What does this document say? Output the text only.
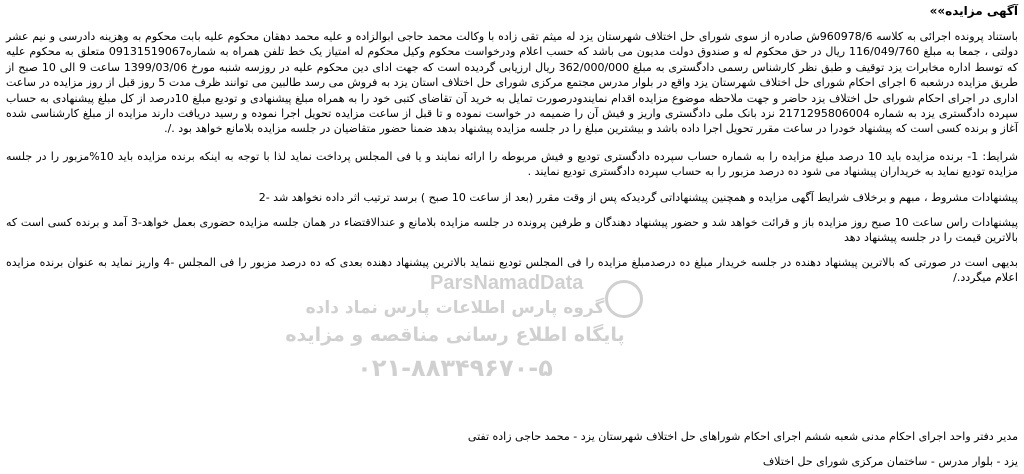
آگهی مزایده»»

باستناد پرونده اجرائی به کلاسه 960978/6ش صادره از سوی شورای حل اختلاف شهرستان یزد له میثم تقی زاده با وکالت محمد حاجی ابوالزاده و علیه محمد دهقان محکوم علیه بابت محکوم به وهزینه دادرسی و نیم عشر دولتی ، جمعا به مبلغ 116/049/760 ریال در حق محکوم له و صندوق دولت مدیون می باشد که حسب اعلام ودرخواست محکوم وکیل محکوم له امتیاز یک خط تلفن همراه به شماره09131519067 متعلق به محکوم علیه که توسط اداره مخابرات یزد توقیف و طبق نظر کارشناس رسمی دادگستری به مبلغ 362/000/000 ریال ارزیابی گردیده است که جهت ادای دین محکوم علیه در روزسه شنبه مورخ 1399/03/06 ساعت 9 الی 10 صبح از طریق مزایده درشعبه 6 اجرای احکام شورای حل اختلاف شهرستان یزد واقع در بلوار مدرس مجتمع مرکزی شورای حل اختلاف استان یزد به فروش می رسد طالبین می توانند ظرف مدت 5 روز قبل از روز مزایده در ساعت اداری در اجرای احکام شورای حل اختلاف یزد حاضر و جهت ملاحظه موضوع مزایده اقدام نمایندودرصورت تمایل به خرید آن تقاضای کتبی خود را به همراه مبلغ پیشنهادی و تودیع مبلغ 10درصد از کل مبلغ پیشنهادی به حساب سپرده دادگستری یزد به شماره 2171295806004 نزد بانک ملی دادگستری واریز و فیش آن را ضمیمه در خواست نموده و تا قبل از ساعت مزایده تحویل اجرا نموده و رسید دریافت دارند مزایده از مبلغ کارشناسی شده آغاز و برنده کسی است که پیشنهاد خودرا در ساعت مقرر تحویل اجرا داده باشد و بیشترین مبلغ را در جلسه مزایده پیشنهاد بدهد ضمنا حضور متقاضیان در جلسه مزایده بلامانع خواهد بود ./.

شرایط: 1- برنده مزایده باید 10 درصد مبلغ مزایده را به شماره حساب سپرده دادگستری تودیع و فیش مربوطه را ارائه نمایند و یا فی المجلس پرداخت نماید لذا با توجه به اینکه برنده مزایده باید 10%مزبور را در جلسه مزایده تودیع نماید به خریداران پیشنهاد می شود ده درصد مزبور را به حساب سپرده دادگستری تودیع نمایند .

پیشنهادات مشروط ، مبهم و برخلاف شرایط آگهی مزایده و همچنین پیشنهاداتی گردیدکه پس از وقت مقرر (بعد از ساعت 10 صبح ) برسد ترتیب اثر داده نخواهد شد -2

پیشنهادات راس ساعت 10 صبح روز مزایده باز و قرائت خواهد شد و حضور پیشنهاد دهندگان و طرفین پرونده در جلسه مزایده بلامانع و عندالاقتضاء در همان جلسه مزایده حضوری بعمل خواهد-3 آمد و برنده کسی است که بالاترین قیمت را در جلسه پیشنهاد دهد

بدیهی است در صورتی که بالاترین پیشنهاد دهنده در جلسه خریدار مبلغ ده درصدمبلغ مزایده را فی المجلس تودیع ننماید بالاترین پیشنهاد دهنده بعدی که ده درصد مزبور را فی المجلس -4 واریز نماید به عنوان برنده مزایده اعلام میگردد./

مدیر دفتر واحد اجرای احکام مدنی شعبه ششم اجرای احکام شوراهای حل اختلاف شهرستان یزد - محمد حاجی زاده تفتی

یزد - بلوار مدرس - ساختمان مرکزی شورای حل اختلاف

ParsNamadData
گروه پارس اطلاعات پارس نماد داده
پایگاه اطلاع رسانی مناقصه و مزایده
۰۲۱-۸۸۳۴۹۶۷۰-۵
